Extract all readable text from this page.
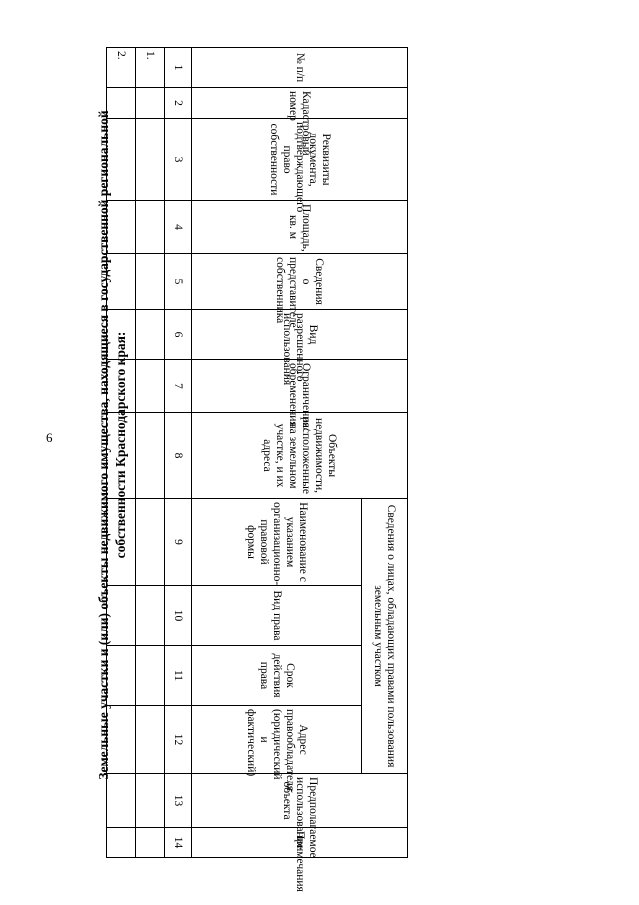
6	Земельные участки и (или) объекты недвижимого имущества, находящиеся в государственной региональной собственности Краснодарского края:
№ п/п	Кадастровый номер	Реквизиты документа, подтверждающего право собственности	Площадь, кв. м	Сведения о представителе собственника	Вид разрешенного использования	Ограничения/обременения	Объекты недвижимости, расположенные на земельном участке, и их адреса	Сведения о лицах, обладающих правами пользования земельным участком				Предполагаемое использование объекта	Примечания
								Наименование с указанием организационно-правовой формы	Вид права	Срок действия права	Адрес правообладателя (юридический и фактический)		
1	2	3	4	5	6	7	8	9	10	11	12	13	14
1.													
2.													
